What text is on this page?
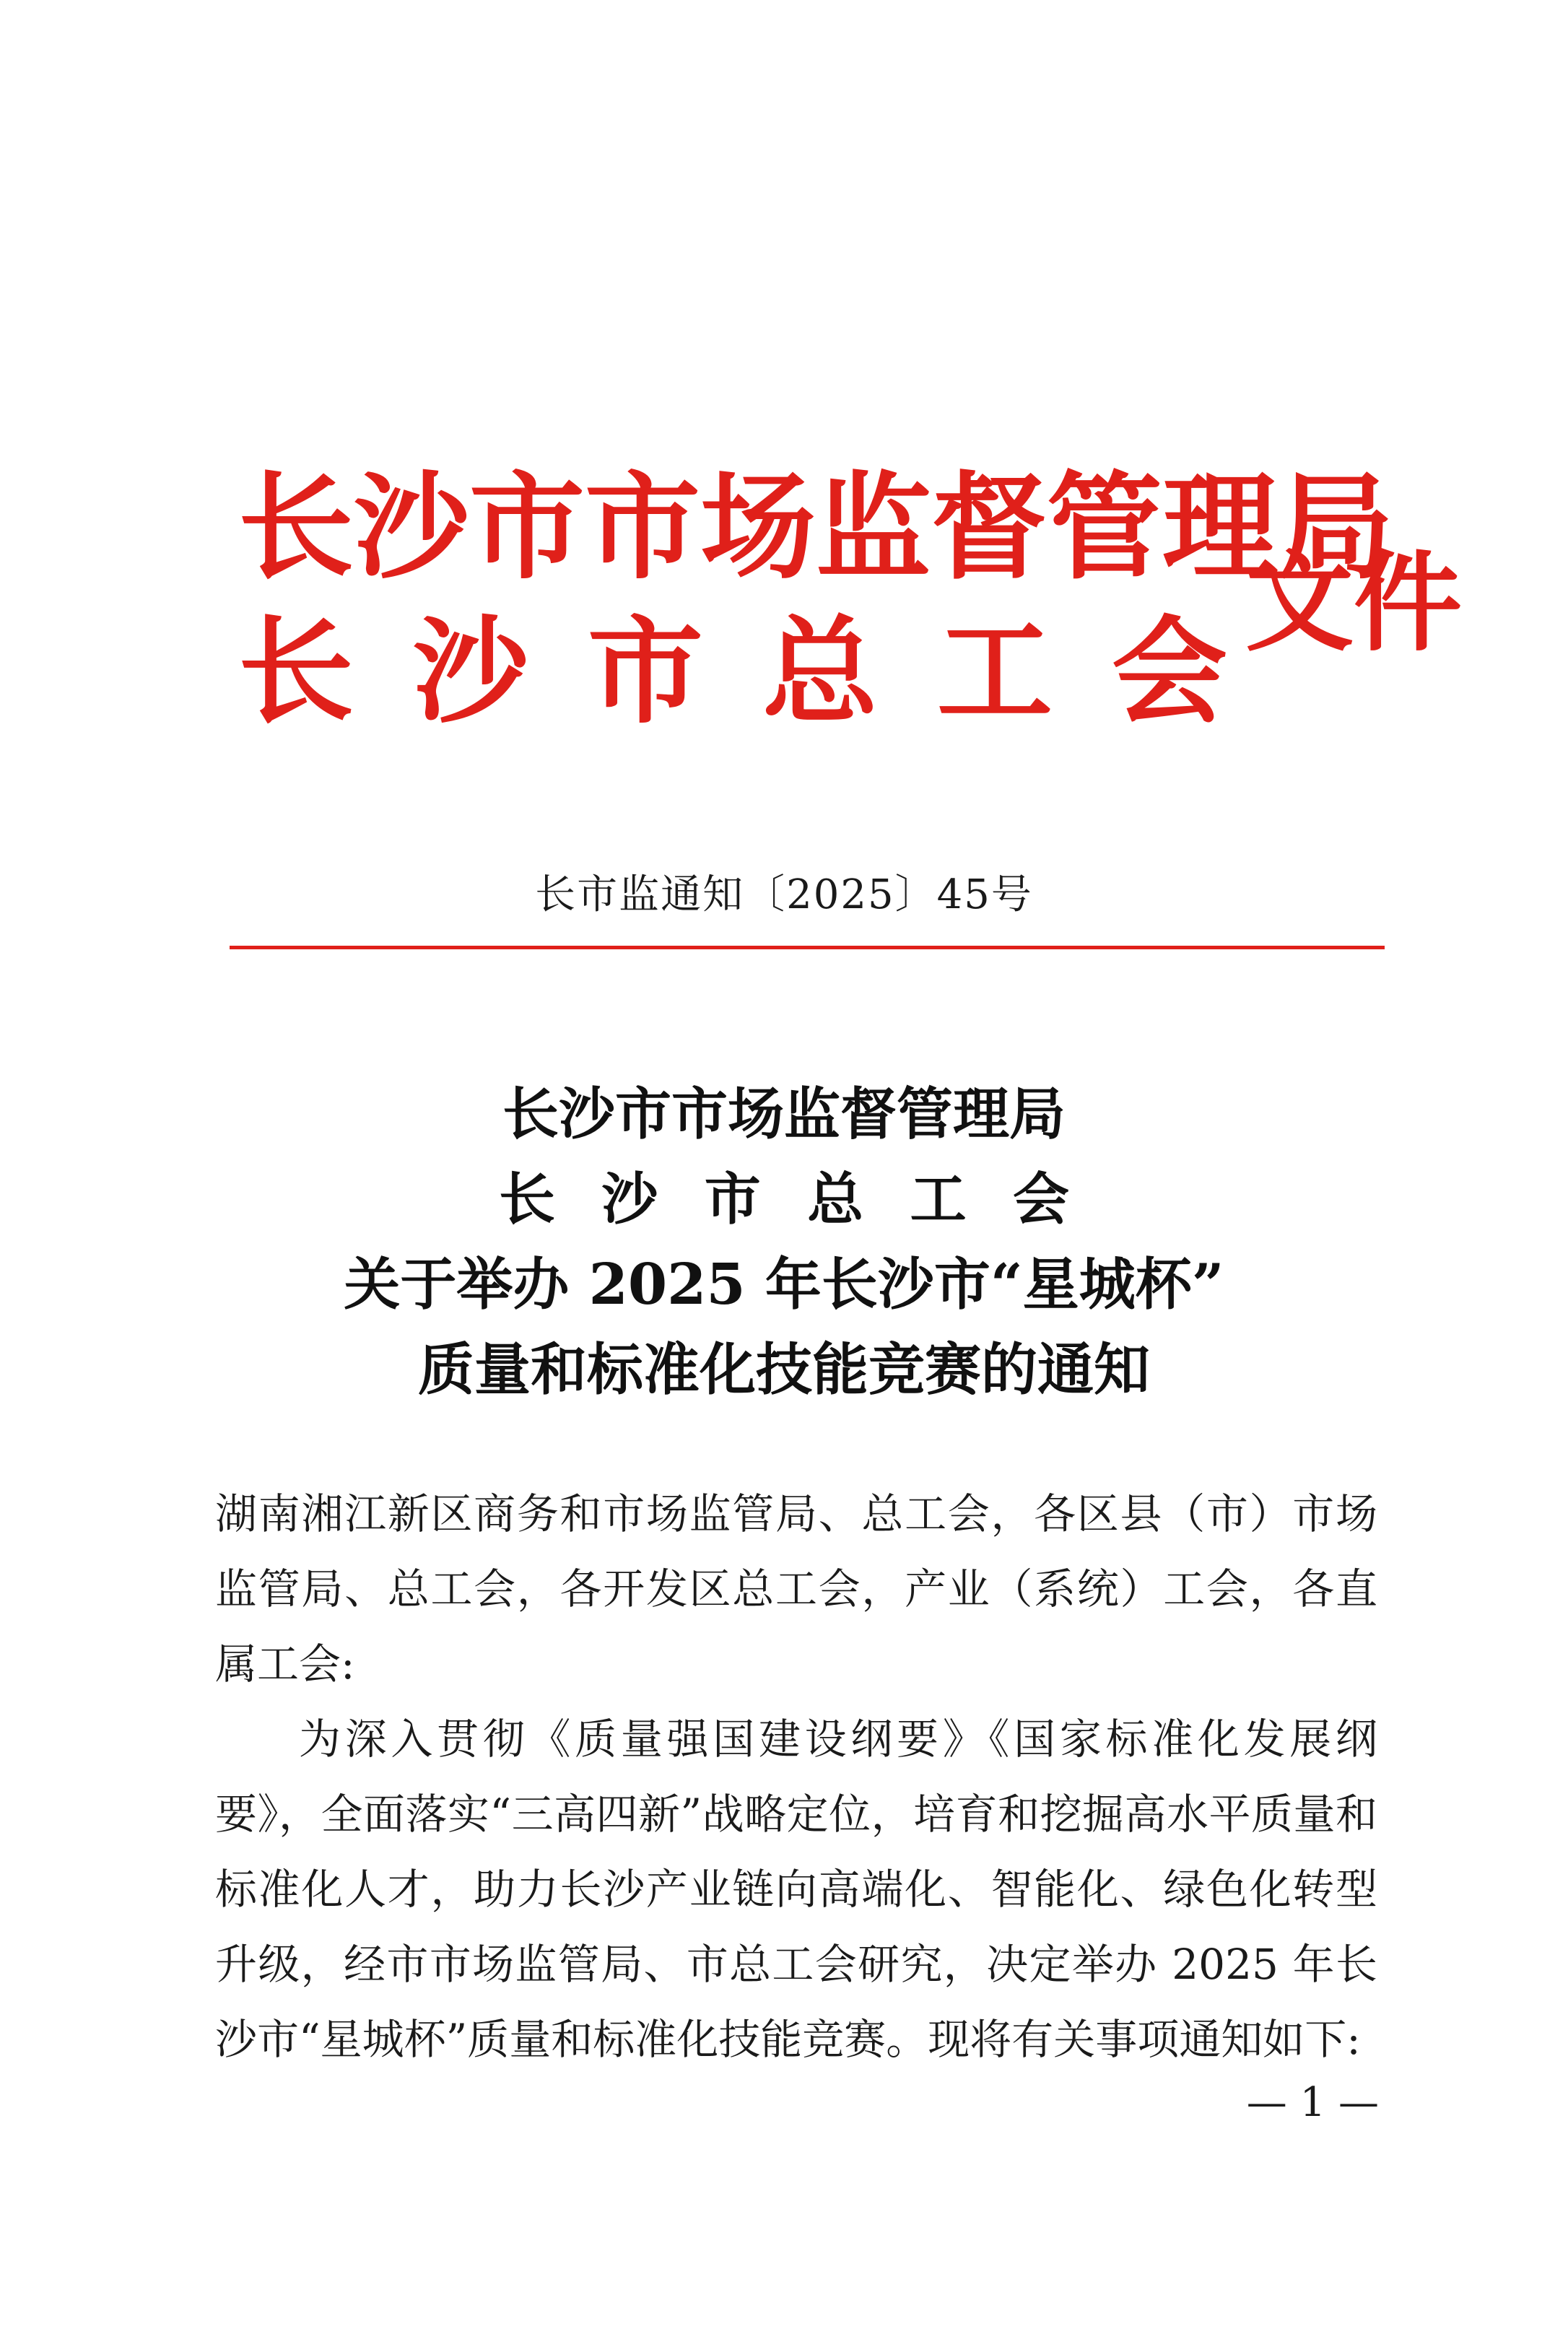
长沙市市场监督管理局
长 沙 市 总 工 会
文件
长市监通知〔2025〕45号
长沙市市场监督管理局
长 沙 市 总 工 会
关于举办 2025 年长沙市“星城杯”
质量和标准化技能竞赛的通知

湖南湘江新区商务和市场监管局、总工会，各区县（市）市场监管局、总工会，各开发区总工会，产业（系统）工会，各直属工会:

为深入贯彻《质量强国建设纲要》《国家标准化发展纲要》，全面落实“三高四新”战略定位，培育和挖掘高水平质量和标准化人才，助力长沙产业链向高端化、智能化、绿色化转型升级，经市市场监管局、市总工会研究，决定举办 2025 年长沙市“星城杯”质量和标准化技能竞赛。现将有关事项通知如下:

— 1 —
